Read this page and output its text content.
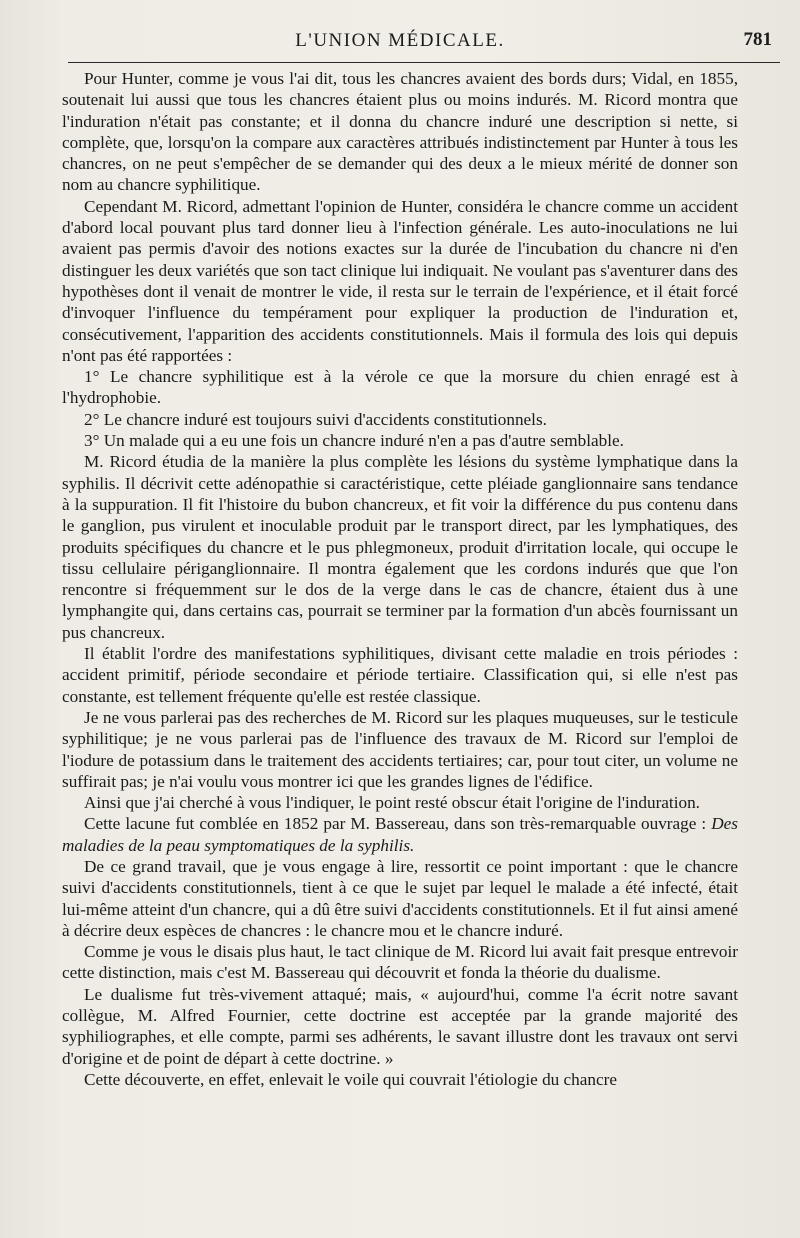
L'UNION MÉDICALE.	781

Pour Hunter, comme je vous l'ai dit, tous les chancres avaient des bords durs; Vidal, en 1855, soutenait lui aussi que tous les chancres étaient plus ou moins indurés. M. Ricord montra que l'induration n'était pas constante; et il donna du chancre induré une description si nette, si complète, que, lorsqu'on la compare aux caractères attribués indistinctement par Hunter à tous les chancres, on ne peut s'empêcher de se demander qui des deux a le mieux mérité de donner son nom au chancre syphilitique.

Cependant M. Ricord, admettant l'opinion de Hunter, considéra le chancre comme un accident d'abord local pouvant plus tard donner lieu à l'infection générale. Les auto-inoculations ne lui avaient pas permis d'avoir des notions exactes sur la durée de l'incubation du chancre ni d'en distinguer les deux variétés que son tact clinique lui indiquait. Ne voulant pas s'aventurer dans des hypothèses dont il venait de montrer le vide, il resta sur le terrain de l'expérience, et il était forcé d'invoquer l'influence du tempérament pour expliquer la production de l'induration et, consécutivement, l'apparition des accidents constitutionnels. Mais il formula des lois qui depuis n'ont pas été rapportées :

1° Le chancre syphilitique est à la vérole ce que la morsure du chien enragé est à l'hydrophobie.

2° Le chancre induré est toujours suivi d'accidents constitutionnels.

3° Un malade qui a eu une fois un chancre induré n'en a pas d'autre semblable.

M. Ricord étudia de la manière la plus complète les lésions du système lymphatique dans la syphilis. Il décrivit cette adénopathie si caractéristique, cette pléiade ganglionnaire sans tendance à la suppuration. Il fit l'histoire du bubon chancreux, et fit voir la différence du pus contenu dans le ganglion, pus virulent et inoculable produit par le transport direct, par les lymphatiques, des produits spécifiques du chancre et le pus phlegmoneux, produit d'irritation locale, qui occupe le tissu cellulaire périganglionnaire. Il montra également que les cordons indurés que que l'on rencontre si fréquemment sur le dos de la verge dans le cas de chancre, étaient dus à une lymphangite qui, dans certains cas, pourrait se terminer par la formation d'un abcès fournissant un pus chancreux.

Il établit l'ordre des manifestations syphilitiques, divisant cette maladie en trois périodes : accident primitif, période secondaire et période tertiaire. Classification qui, si elle n'est pas constante, est tellement fréquente qu'elle est restée classique.

Je ne vous parlerai pas des recherches de M. Ricord sur les plaques muqueuses, sur le testicule syphilitique; je ne vous parlerai pas de l'influence des travaux de M. Ricord sur l'emploi de l'iodure de potassium dans le traitement des accidents tertiaires; car, pour tout citer, un volume ne suffirait pas; je n'ai voulu vous montrer ici que les grandes lignes de l'édifice.

Ainsi que j'ai cherché à vous l'indiquer, le point resté obscur était l'origine de l'induration.

Cette lacune fut comblée en 1852 par M. Bassereau, dans son très-remarquable ouvrage : Des maladies de la peau symptomatiques de la syphilis.

De ce grand travail, que je vous engage à lire, ressortit ce point important : que le chancre suivi d'accidents constitutionnels, tient à ce que le sujet par lequel le malade a été infecté, était lui-même atteint d'un chancre, qui a dû être suivi d'accidents constitutionnels. Et il fut ainsi amené à décrire deux espèces de chancres : le chancre mou et le chancre induré.

Comme je vous le disais plus haut, le tact clinique de M. Ricord lui avait fait presque entrevoir cette distinction, mais c'est M. Bassereau qui découvrit et fonda la théorie du dualisme.

Le dualisme fut très-vivement attaqué; mais, « aujourd'hui, comme l'a écrit notre savant collègue, M. Alfred Fournier, cette doctrine est acceptée par la grande majorité des syphiliographes, et elle compte, parmi ses adhérents, le savant illustre dont les travaux ont servi d'origine et de point de départ à cette doctrine. »

Cette découverte, en effet, enlevait le voile qui couvrait l'étiologie du chancre
